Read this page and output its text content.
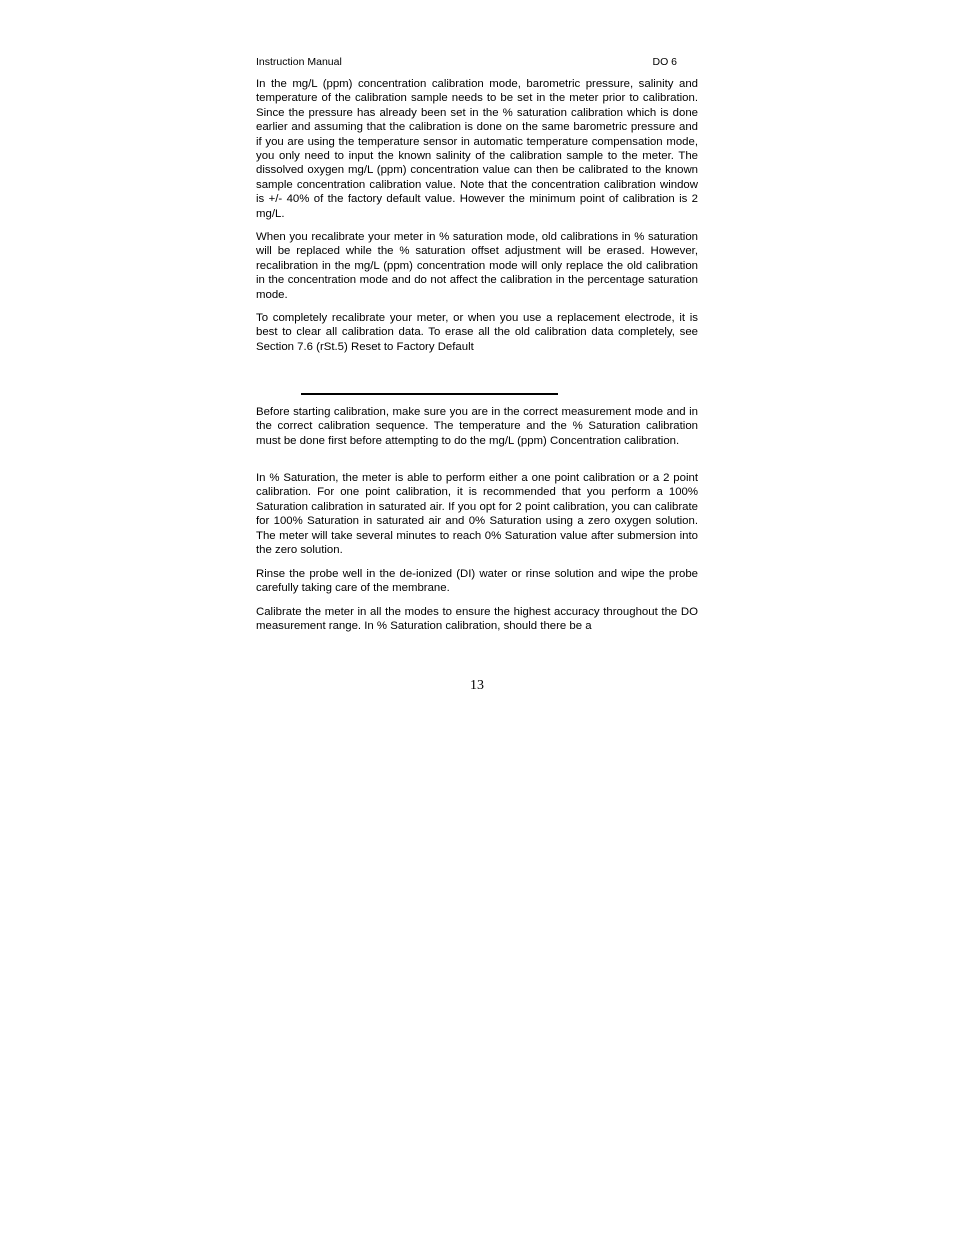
Instruction Manual	DO 6

In the mg/L (ppm) concentration calibration mode, barometric pressure, salinity and temperature of the calibration sample needs to be set in the meter prior to calibration. Since the pressure has already been set in the % saturation calibration which is done earlier and assuming that the calibration is done on the same barometric pressure and if you are using the temperature sensor in automatic temperature compensation mode, you only need to input the known salinity of the calibration sample to the meter. The dissolved oxygen mg/L (ppm) concentration value can then be calibrated to the known sample concentration calibration value. Note that the concentration calibration window is +/- 40% of the factory default value. However the minimum point of calibration is 2 mg/L.

When you recalibrate your meter in % saturation mode, old calibrations in % saturation will be replaced while the % saturation offset adjustment will be erased. However, recalibration in the mg/L (ppm) concentration mode will only replace the old calibration in the concentration mode and do not affect the calibration in the percentage saturation mode.

To completely recalibrate your meter, or when you use a replacement electrode, it is best to clear all calibration data. To erase all the old calibration data completely, see Section 7.6 (rSt.5) Reset to Factory Default

Before starting calibration, make sure you are in the correct measurement mode and in the correct calibration sequence. The temperature and the % Saturation calibration must be done first before attempting to do the mg/L (ppm) Concentration calibration.

In % Saturation, the meter is able to perform either a one point calibration or a 2 point calibration. For one point calibration, it is recommended that you perform a 100% Saturation calibration in saturated air. If you opt for 2 point calibration, you can calibrate for 100% Saturation in saturated air and 0% Saturation using a zero oxygen solution. The meter will take several minutes to reach 0% Saturation value after submersion into the zero solution.

Rinse the probe well in the de-ionized (DI) water or rinse solution and wipe the probe carefully taking care of the membrane.

Calibrate the meter in all the modes to ensure the highest accuracy throughout the DO measurement range. In % Saturation calibration, should there be a

13
